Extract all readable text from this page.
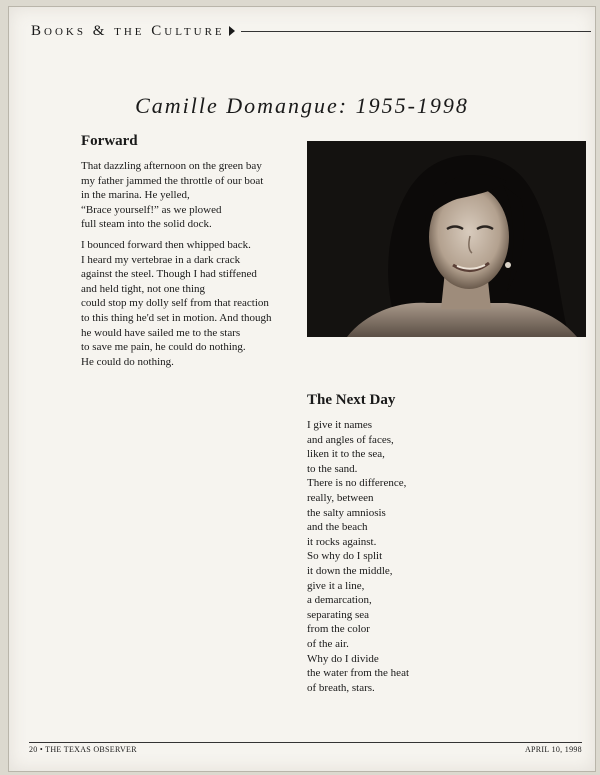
Books & the Culture
Camille Domangue: 1955-1998
Forward
That dazzling afternoon on the green bay
my father jammed the throttle of our boat
in the marina. He yelled,
“Brace yourself!” as we plowed
full steam into the solid dock.
I bounced forward then whipped back.
I heard my vertebrae in a dark crack
against the steel. Though I had stiffened
and held tight, not one thing
could stop my dolly self from that reaction
to this thing he'd set in motion. And though
he would have sailed me to the stars
to save me pain, he could do nothing.
He could do nothing.
The Next Day
I give it names
and angles of faces,
liken it to the sea,
to the sand.
There is no difference,
really, between
the salty amniosis
and the beach
it rocks against.
So why do I split
it down the middle,
give it a line,
a demarcation,
separating sea
from the color
of the air.
Why do I divide
the water from the heat
of breath, stars.
20 • THE TEXAS OBSERVER	APRIL 10, 1998
